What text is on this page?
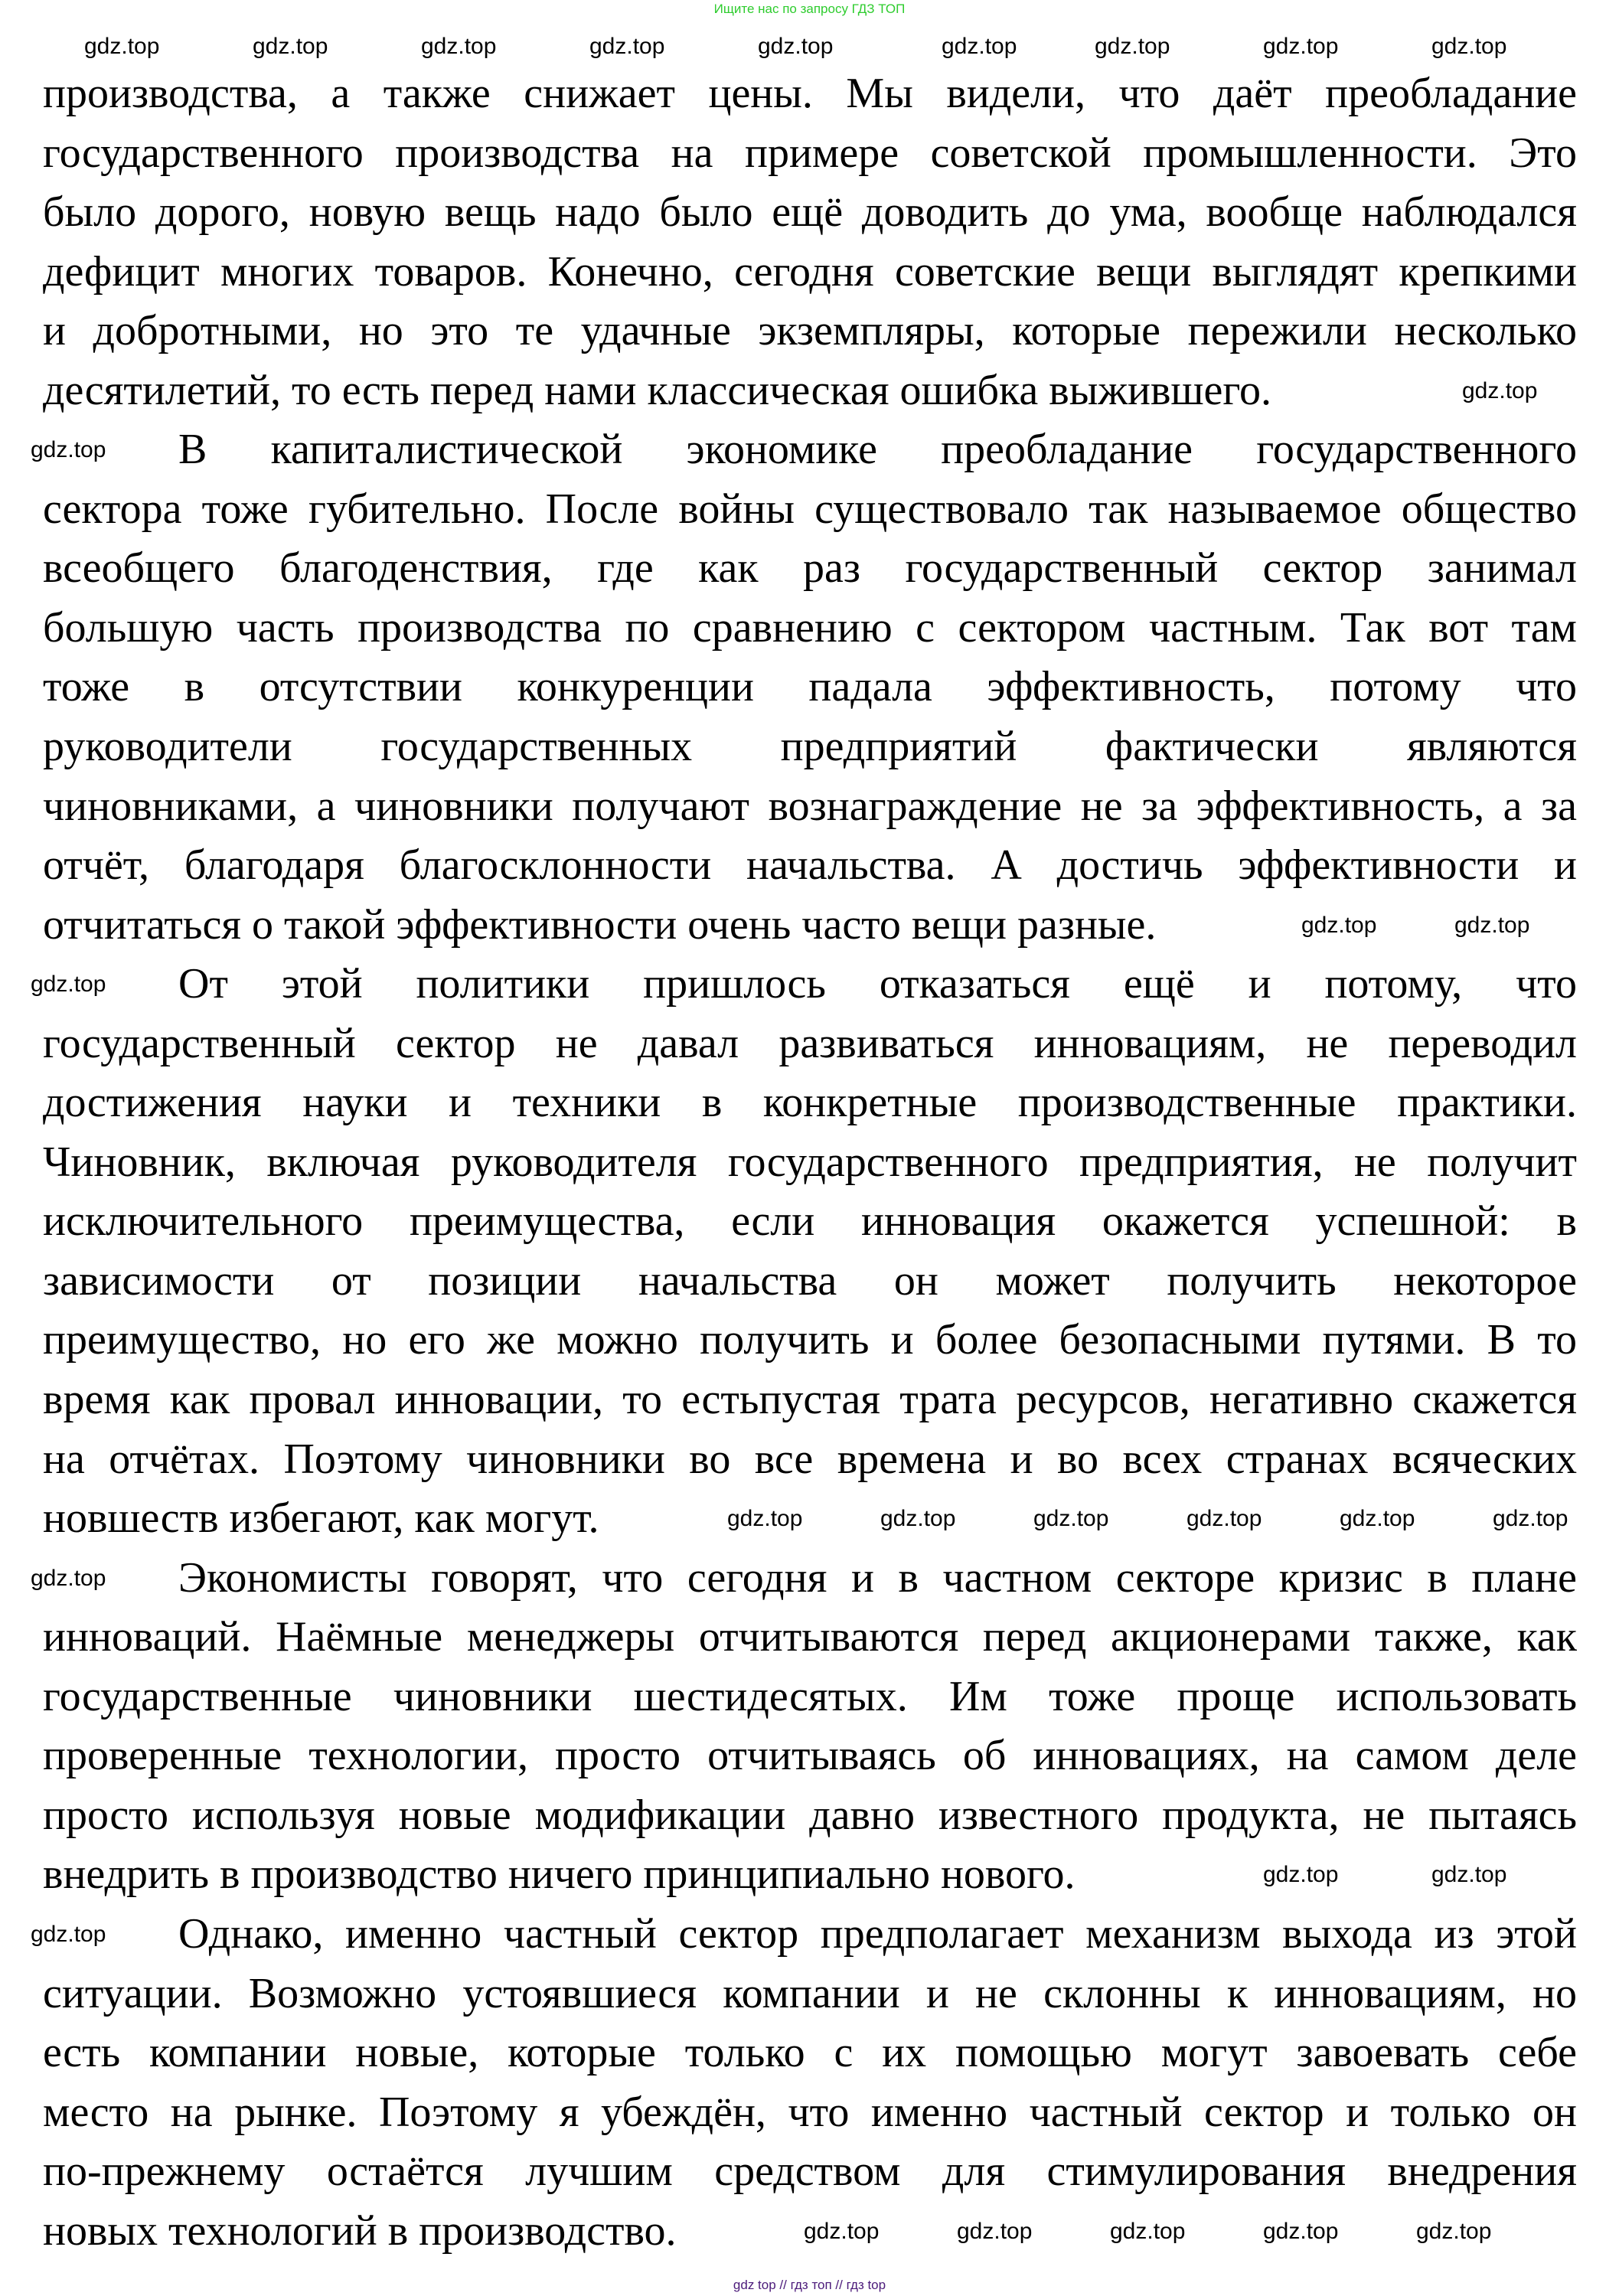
Ищите нас по запросу ГДЗ ТОП
производства, а также снижает цены. Мы видели, что даёт преобладание
государственного производства на примере советской промышленности. Это
было дорого, новую вещь надо было ещё доводить до ума, вообще наблюдался
дефицит многих товаров. Конечно, сегодня советские вещи выглядят крепкими
и добротными, но это те удачные экземпляры, которые пережили несколько
десятилетий, то есть перед нами классическая ошибка выжившего.
В капиталистической экономике преобладание государственного
сектора тоже губительно. После войны существовало так называемое общество
всеобщего благоденствия, где как раз государственный сектор занимал
большую часть производства по сравнению с сектором частным. Так вот там
тоже в отсутствии конкуренции падала эффективность, потому что
руководители государственных предприятий фактически являются
чиновниками, а чиновники получают вознаграждение не за эффективность, а за
отчёт, благодаря благосклонности начальства. А достичь эффективности и
отчитаться о такой эффективности очень часто вещи разные.
От этой политики пришлось отказаться ещё и потому, что
государственный сектор не давал развиваться инновациям, не переводил
достижения науки и техники в конкретные производственные практики.
Чиновник, включая руководителя государственного предприятия, не получит
исключительного преимущества, если инновация окажется успешной: в
зависимости от позиции начальства он может получить некоторое
преимущество, но его же можно получить и более безопасными путями. В то
время как провал инновации, то естьпустая трата ресурсов, негативно скажется
на отчётах. Поэтому чиновники во все времена и во всех странах всяческих
новшеств избегают, как могут.
Экономисты говорят, что сегодня и в частном секторе кризис в плане
инноваций. Наёмные менеджеры отчитываются перед акционерами также, как
государственные чиновники шестидесятых. Им тоже проще использовать
проверенные технологии, просто отчитываясь об инновациях, на самом деле
просто используя новые модификации давно известного продукта, не пытаясь
внедрить в производство ничего принципиально нового.
Однако, именно частный сектор предполагает механизм выхода из этой
ситуации. Возможно устоявшиеся компании и не склонны к инновациям, но
есть компании новые, которые только с их помощью могут завоевать себе
место на рынке. Поэтому я убеждён, что именно частный сектор и только он
по-прежнему остаётся лучшим средством для стимулирования внедрения
новых технологий в производство.
gdz.top	gdz.top	gdz.top	gdz.top	gdz.top	gdz.top	gdz.top	gdz.top
gdz.top
gdz.top
gdz.top
gdz.top	gdz.top
gdz.top
gdz.top	gdz.top	gdz.top	gdz.top	gdz.top	gdz.top
gdz.top
gdz.top	gdz.top
gdz.top
gdz.top	gdz.top	gdz.top	gdz.top	gdz.top
gdz top // гдз топ // гдз top
